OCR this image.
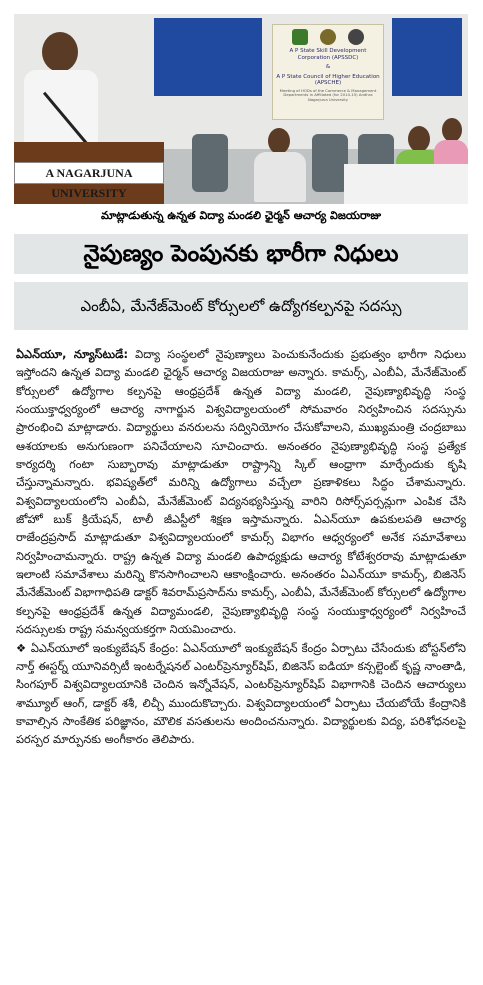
A P State Skill Development Corporation (APSSDC)
&
A P State Council of Higher Education (APSCHE)
Meeting of HODs of the Commerce & Management Departments in Affiliated (for 2014-15) Andhra Nagarjuna University
A NAGARJUNA UNIVERSITY
మాట్లాడుతున్న ఉన్నత విద్యా మండలి ఛైర్మన్ ఆచార్య విజయరాజు
నైపుణ్యం పెంపునకు భారీగా నిధులు
ఎంబీఏ, మేనేజ్‌మెంట్ కోర్సులలో ఉద్యోగకల్పనపై సదస్సు

ఏఎన్‌యూ, న్యూస్‌టుడే: విద్యా సంస్థలలో నైపుణ్యాలు పెంచుకునేందుకు ప్రభుత్వం భారీగా నిధులు ఇస్తోందని ఉన్నత విద్యా మండలి ఛైర్మన్ ఆచార్య విజయరాజు అన్నారు. కామర్స్, ఎంబీఏ, మేనేజ్‌మెంట్ కోర్సులలో ఉద్యోగాల కల్పనపై ఆంధ్రప్రదేశ్ ఉన్నత విద్యా మండలి, నైపుణ్యాభివృద్ధి సంస్థ సంయుక్తాధ్వర్యంలో ఆచార్య నాగార్జున విశ్వవిద్యాలయంలో సోమవారం నిర్వహించిన సదస్సును ప్రారంభించి మాట్లాడారు. విద్యార్థులు వనరులను సద్వినియోగం చేసుకోవాలని, ముఖ్యమంత్రి చంద్రబాబు ఆశయాలకు అనుగుణంగా పనిచేయాలని సూచించారు. అనంతరం నైపుణ్యాభివృద్ధి సంస్థ ప్రత్యేక కార్యదర్శి గంటా సుబ్బారావు మాట్లాడుతూ రాష్ట్రాన్ని స్కిల్ ఆంధ్రాగా మార్చేందుకు కృషి చేస్తున్నామన్నారు. భవిష్యత్‌లో మరిన్ని ఉద్యోగాలు వచ్చేలా ప్రణాళికలు సిద్ధం చేశామన్నారు. విశ్వవిద్యాలయంలోని ఎంబీఏ, మేనేజ్‌మెంట్ విద్యనభ్యసిస్తున్న వారిని రిసోర్స్‌పర్సన్లుగా ఎంపిక చేసి జోహో బుక్ క్రియేషన్, టాలీ జీఎస్టీలో శిక్షణ ఇస్తామన్నారు. ఏఎన్‌యూ ఉపకులపతి ఆచార్య రాజేంద్రప్రసాద్ మాట్లాడుతూ విశ్వవిద్యాలయంలో కామర్స్ విభాగం ఆధ్వర్యంలో అనేక సమావేశాలు నిర్వహించామన్నారు. రాష్ట్ర ఉన్నత విద్యా మండలి ఉపాధ్యక్షుడు ఆచార్య కోటేశ్వరరావు మాట్లాడుతూ ఇలాంటి సమావేశాలు మరిన్ని కొనసాగించాలని ఆకాంక్షించారు. అనంతరం ఏఎన్‌యూ కామర్స్, బిజినెస్ మేనేజ్‌మెంట్ విభాగాధిపతి డాక్టర్ శివరామ్‌ప్రసాద్‌ను కామర్స్, ఎంబీఏ, మేనేజ్‌మెంట్ కోర్సులలో ఉద్యోగాల కల్పనపై ఆంధ్రప్రదేశ్ ఉన్నత విద్యామండలి, నైపుణ్యాభివృద్ధి సంస్థ సంయుక్తాధ్వర్యంలో నిర్వహించే సదస్సులకు రాష్ట్ర సమన్వయకర్తగా నియమించారు.

❖ ఏఎన్‌యూలో ఇంక్యుబేషన్ కేంద్రం: ఏఎన్‌యూలో ఇంక్యుబేషన్ కేంద్రం ఏర్పాటు చేసేందుకు బోస్టన్‌లోని నార్త్ ఈస్టర్న్ యూనివర్సిటీ ఇంటర్నేషనల్ ఎంటర్‌ప్రెన్యూర్‌షిప్, బిజినెస్ ఐడియా కన్సల్టెంట్ కృష్ణ నాంతాడి, సింగపూర్ విశ్వవిద్యాలయానికి చెందిన ఇన్నోవేషన్, ఎంటర్‌ప్రెన్యూర్‌షిప్ విభాగానికి చెందిన ఆచార్యులు శామ్యూల్ ఆంగ్, డాక్టర్ శశీ, లిచ్చీ ముందుకొచ్చారు. విశ్వవిద్యాలయంలో ఏర్పాటు చేయబోయే కేంద్రానికి కావాల్సిన సాంకేతిక పరిజ్ఞానం, మౌలిక వసతులను అందించనున్నారు. విద్యార్థులకు విద్య, పరిశోధనలపై పరస్పర మార్పునకు అంగీకారం తెలిపారు.
